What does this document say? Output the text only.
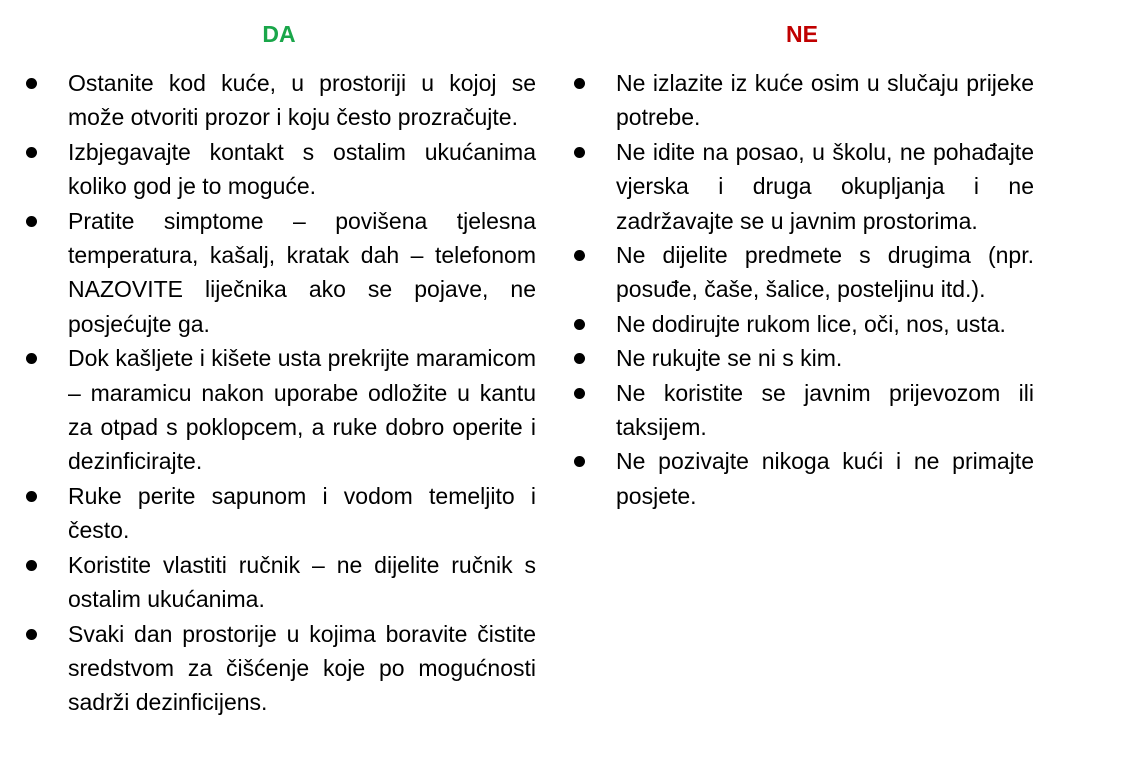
DA
Ostanite kod kuće, u prostoriji u kojoj se može otvoriti prozor i koju često prozračujte.
Izbjegavajte kontakt s ostalim ukućanima koliko god je to moguće.
Pratite simptome – povišena tjelesna temperatura, kašalj, kratak dah – telefonom NAZOVITE liječnika ako se pojave, ne posjećujte ga.
Dok kašljete i kišete usta prekrijte maramicom – maramicu nakon uporabe odložite u kantu za otpad s poklopcem, a ruke dobro operite i dezinficirajte.
Ruke perite sapunom i vodom temeljito i često.
Koristite vlastiti ručnik – ne dijelite ručnik s ostalim ukućanima.
Svaki dan prostorije u kojima boravite čistite sredstvom za čišćenje koje po mogućnosti sadrži dezinficijens.
NE
Ne izlazite iz kuće osim u slučaju prijeke potrebe.
Ne idite na posao, u školu, ne pohađajte vjerska i druga okupljanja i ne zadržavajte se u javnim prostorima.
Ne dijelite predmete s drugima (npr. posuđe, čaše, šalice, posteljinu itd.).
Ne dodirujte rukom lice, oči, nos, usta.
Ne rukujte se ni s kim.
Ne koristite se javnim prijevozom ili taksijem.
Ne pozivajte nikoga kući i ne primajte posjete.
